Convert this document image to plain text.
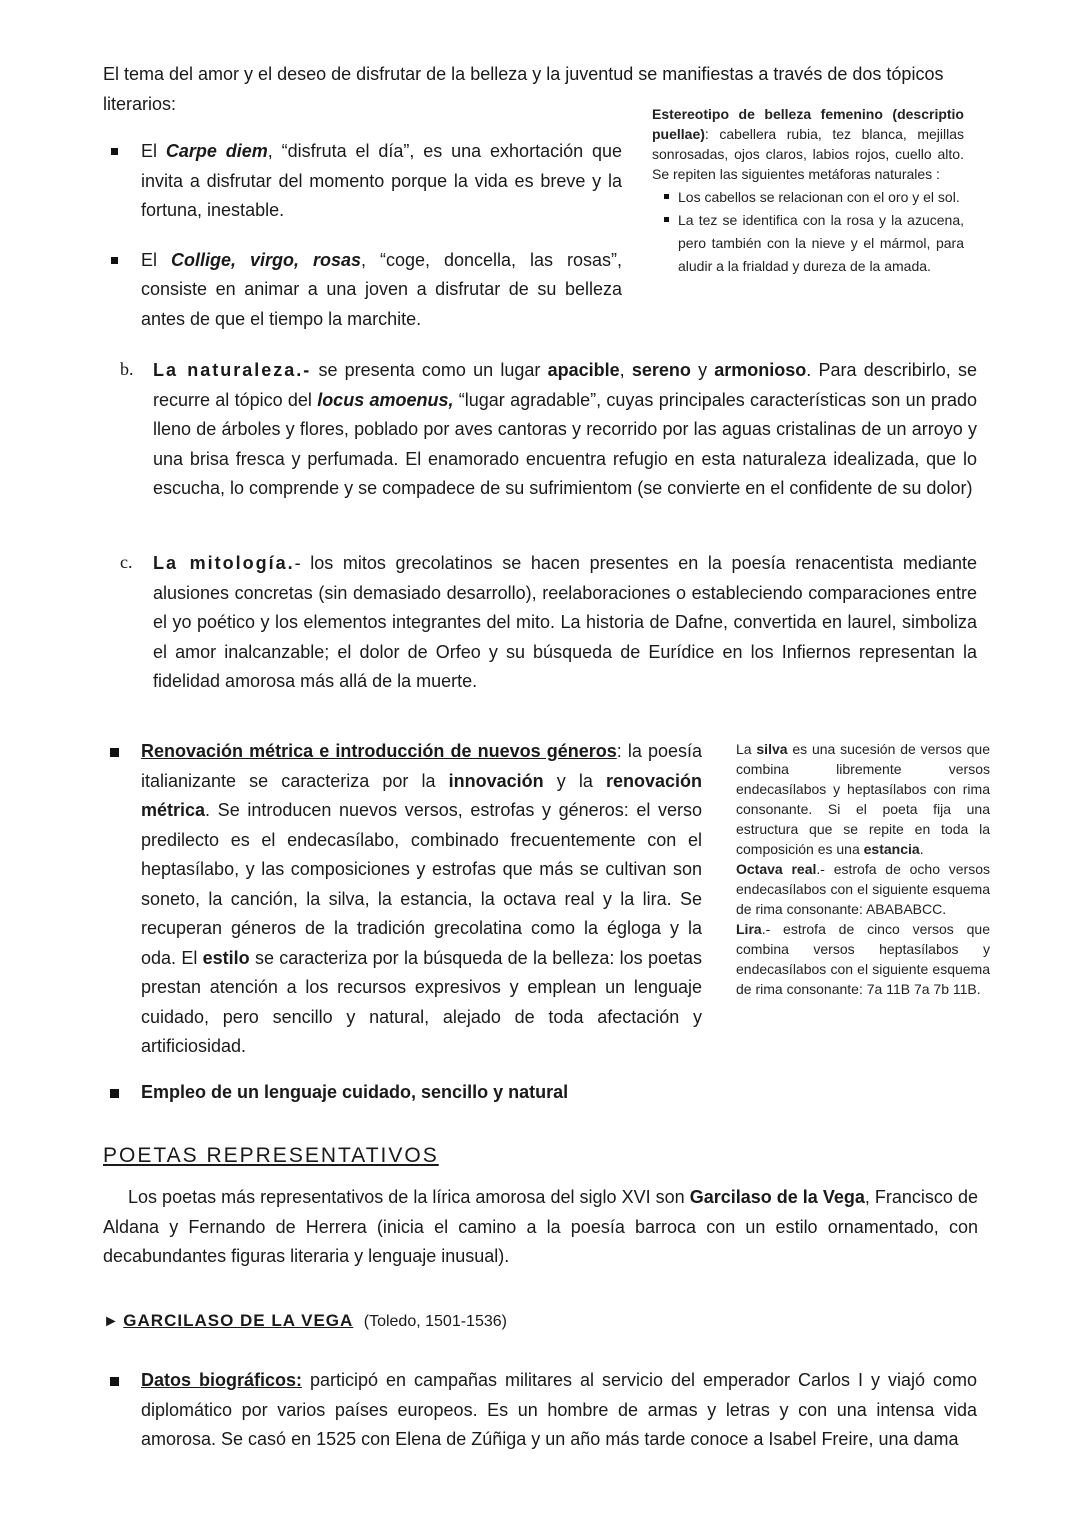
El tema del amor y el deseo de disfrutar de la belleza y la juventud se manifiestas a través de dos tópicos literarios:

El Carpe diem, “disfruta el día”, es una exhortación que invita a disfrutar del momento porque la vida es breve y la fortuna, inestable.

El Collige, virgo, rosas, “coge, doncella, las rosas”, consiste en animar a una joven a disfrutar de su belleza antes de que el tiempo la marchite.

Estereotipo de belleza femenino (descriptio puellae): cabellera rubia, tez blanca, mejillas sonrosadas, ojos claros, labios rojos, cuello alto. Se repiten las siguientes metáforas naturales :

Los cabellos se relacionan con el oro y el sol.
La tez se identifica con la rosa y la azucena, pero también con la nieve y el mármol, para aludir a la frialdad y dureza de la amada.
b. La naturaleza.- se presenta como un lugar apacible, sereno y armonioso. Para describirlo, se recurre al tópico del locus amoenus, “lugar agradable”, cuyas principales características son un prado lleno de árboles y flores, poblado por aves cantoras y recorrido por las aguas cristalinas de un arroyo y una brisa fresca y perfumada. El enamorado encuentra refugio en esta naturaleza idealizada, que lo escucha, lo comprende y se compadece de su sufrimientom (se convierte en el confidente de su dolor)

c. La mitología.- los mitos grecolatinos se hacen presentes en la poesía renacentista mediante alusiones concretas (sin demasiado desarrollo), reelaboraciones o estableciendo comparaciones entre el yo poético y los elementos integrantes del mito. La historia de Dafne, convertida en laurel, simboliza el amor inalcanzable; el dolor de Orfeo y su búsqueda de Eurídice en los Infiernos representan la fidelidad amorosa más allá de la muerte.

Renovación métrica e introducción de nuevos géneros: la poesía italianizante se caracteriza por la innovación y la renovación métrica. Se introducen nuevos versos, estrofas y géneros: el verso predilecto es el endecasílabo, combinado frecuentemente con el heptasílabo, y las composiciones y estrofas que más se cultivan son soneto, la canción, la silva, la estancia, la octava real y la lira. Se recuperan géneros de la tradición grecolatina como la égloga y la oda. El estilo se caracteriza por la búsqueda de la belleza: los poetas prestan atención a los recursos expresivos y emplean un lenguaje cuidado, pero sencillo y natural, alejado de toda afectación y artificiosidad.

La silva es una sucesión de versos que combina libremente versos endecasílabos y heptasílabos con rima consonante. Si el poeta fija una estructura que se repite en toda la composición es una estancia.

Octava real.- estrofa de ocho versos endecasílabos con el siguiente esquema de rima consonante: ABABABCC.

Lira.- estrofa de cinco versos que combina versos heptasílabos y endecasílabos con el siguiente esquema de rima consonante: 7a 11B 7a 7b 11B.

Empleo de un lenguaje cuidado, sencillo y natural

POETAS REPRESENTATIVOS

Los poetas más representativos de la lírica amorosa del siglo XVI son Garcilaso de la Vega, Francisco de Aldana y Fernando de Herrera (inicia el camino a la poesía barroca con un estilo ornamentado, con decabundantes figuras literaria y lenguaje inusual).

► GARCILASO DE LA VEGA (Toledo, 1501-1536)

Datos biográficos: participó en campañas militares al servicio del emperador Carlos I y viajó como diplomático por varios países europeos. Es un hombre de armas y letras y con una intensa vida amorosa. Se casó en 1525 con Elena de Zúñiga y un año más tarde conoce a Isabel Freire, una dama
